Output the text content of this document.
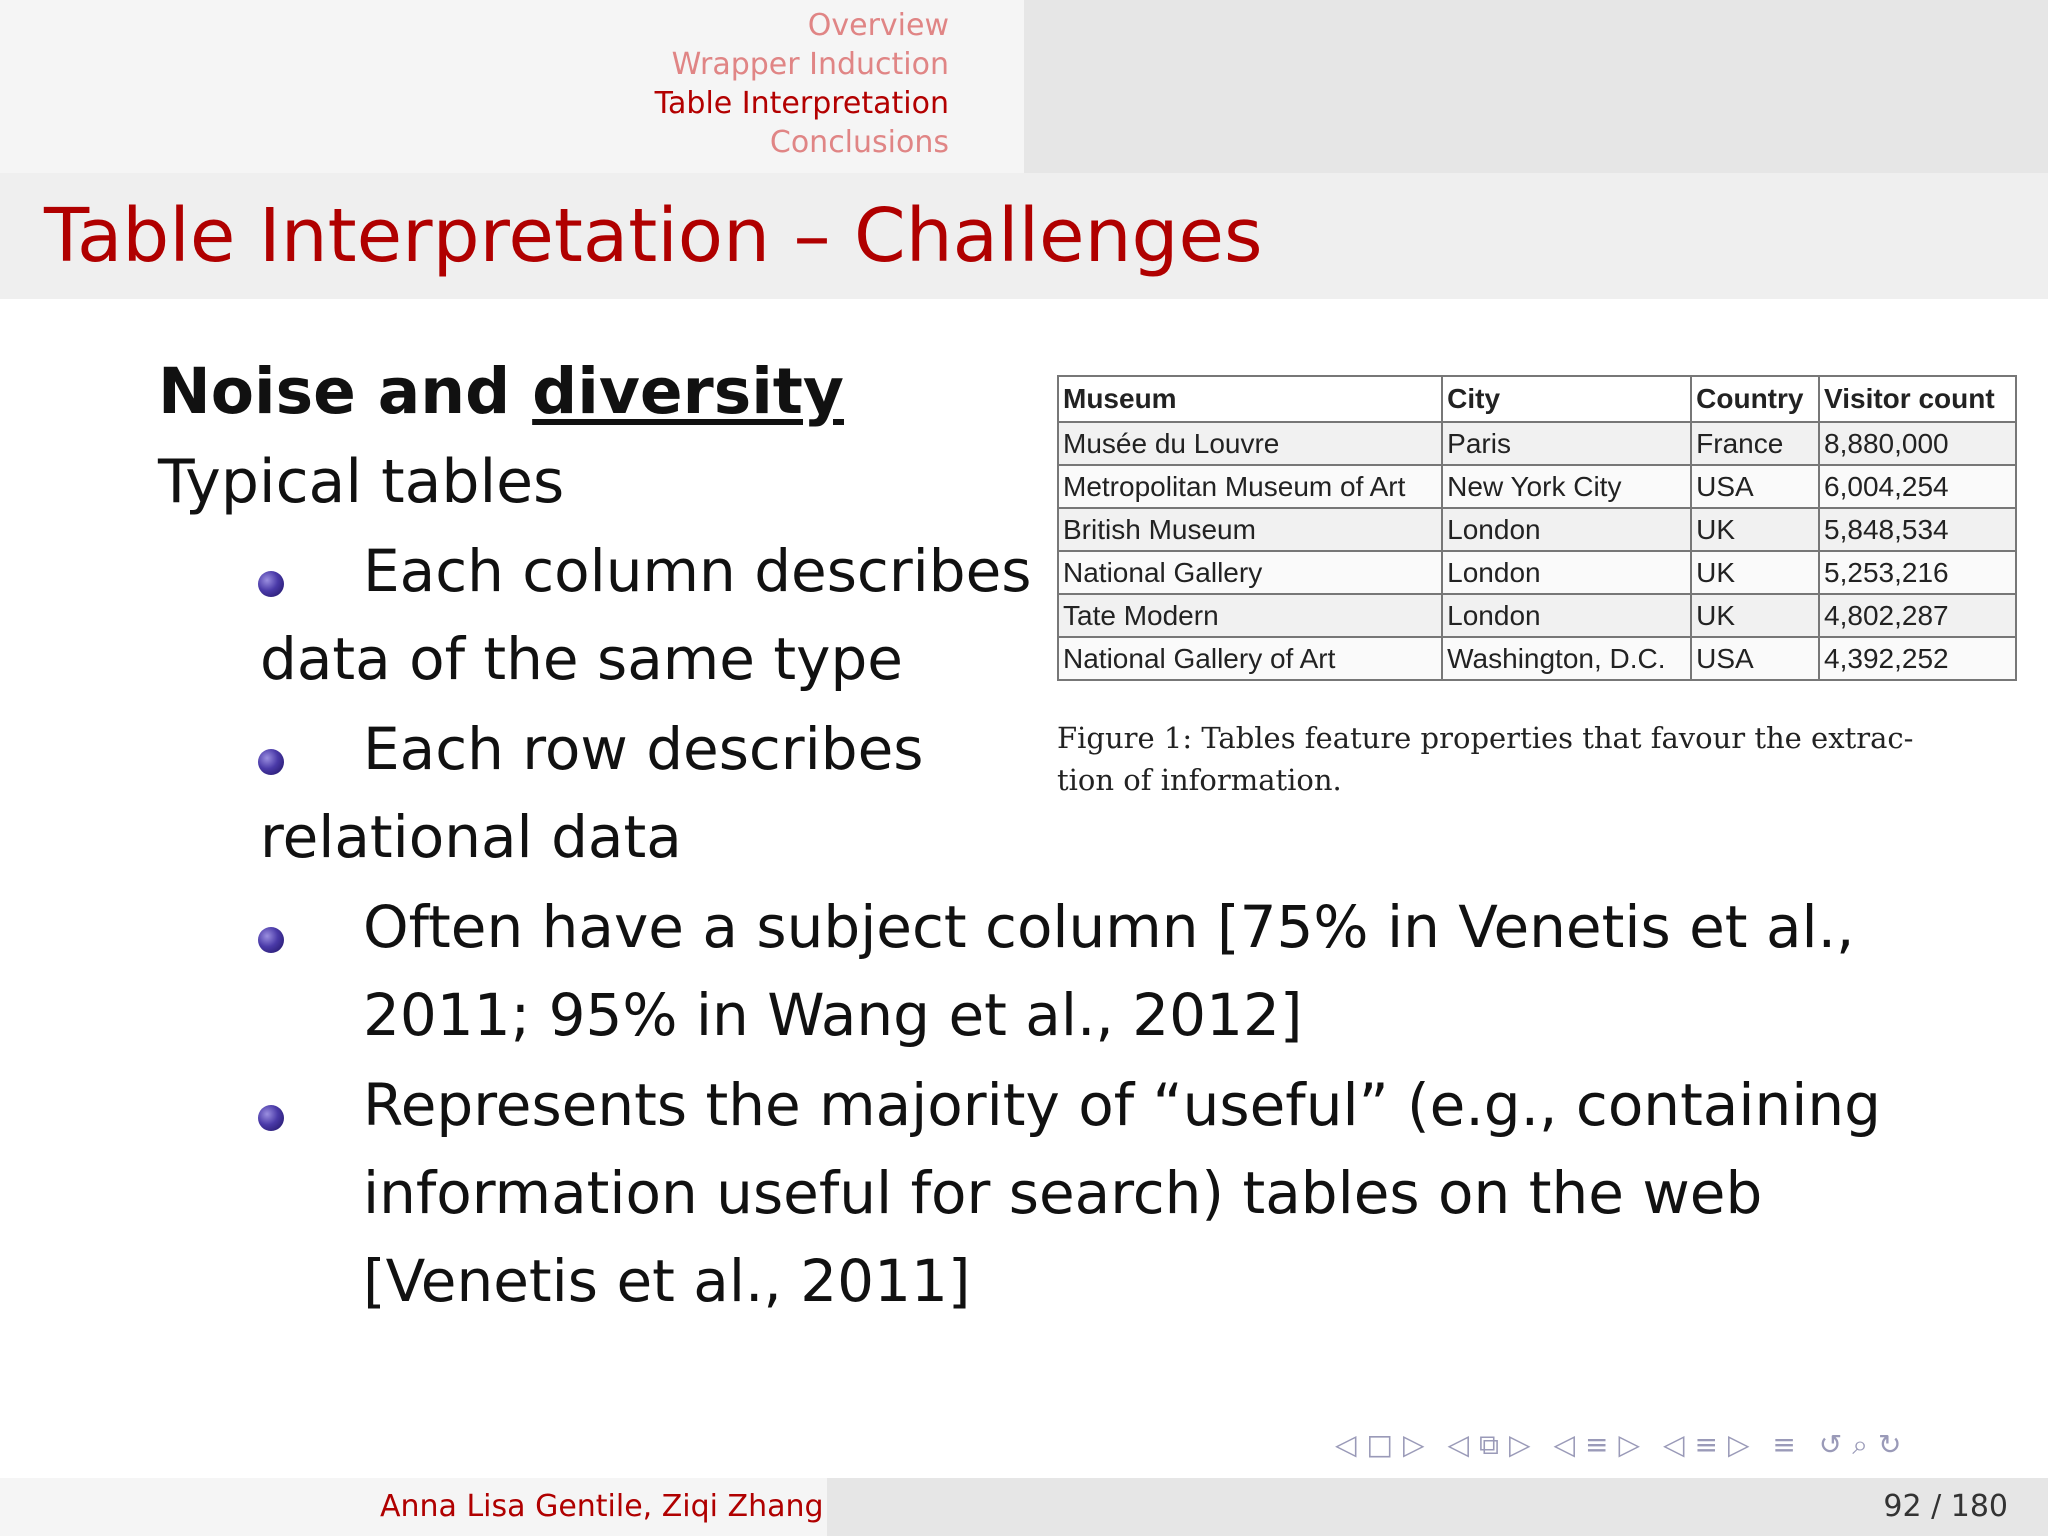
Overview
Wrapper Induction
Table Interpretation
Conclusions
Table Interpretation – Challenges
Noise and diversity
Typical tables
Each column describes
data of the same type
Each row describes
relational data
Often have a subject column [75% in Venetis et al.,
2011; 95% in Wang et al., 2012]
Represents the majority of “useful” (e.g., containing
information useful for search) tables on the web
[Venetis et al., 2011]
Museum	City	Country	Visitor count
Musée du Louvre	Paris	France	8,880,000
Metropolitan Museum of Art	New York City	USA	6,004,254
British Museum	London	UK	5,848,534
National Gallery	London	UK	5,253,216
Tate Modern	London	UK	4,802,287
National Gallery of Art	Washington, D.C.	USA	4,392,252
Figure 1: Tables feature properties that favour the extrac-
tion of information.
◁ □ ▷ ◁ ⧉ ▷ ◁ ≡ ▷ ◁ ≡ ▷ ≡ ↺ ⌕ ↻
Anna Lisa Gentile, Ziqi Zhang	92 / 180
